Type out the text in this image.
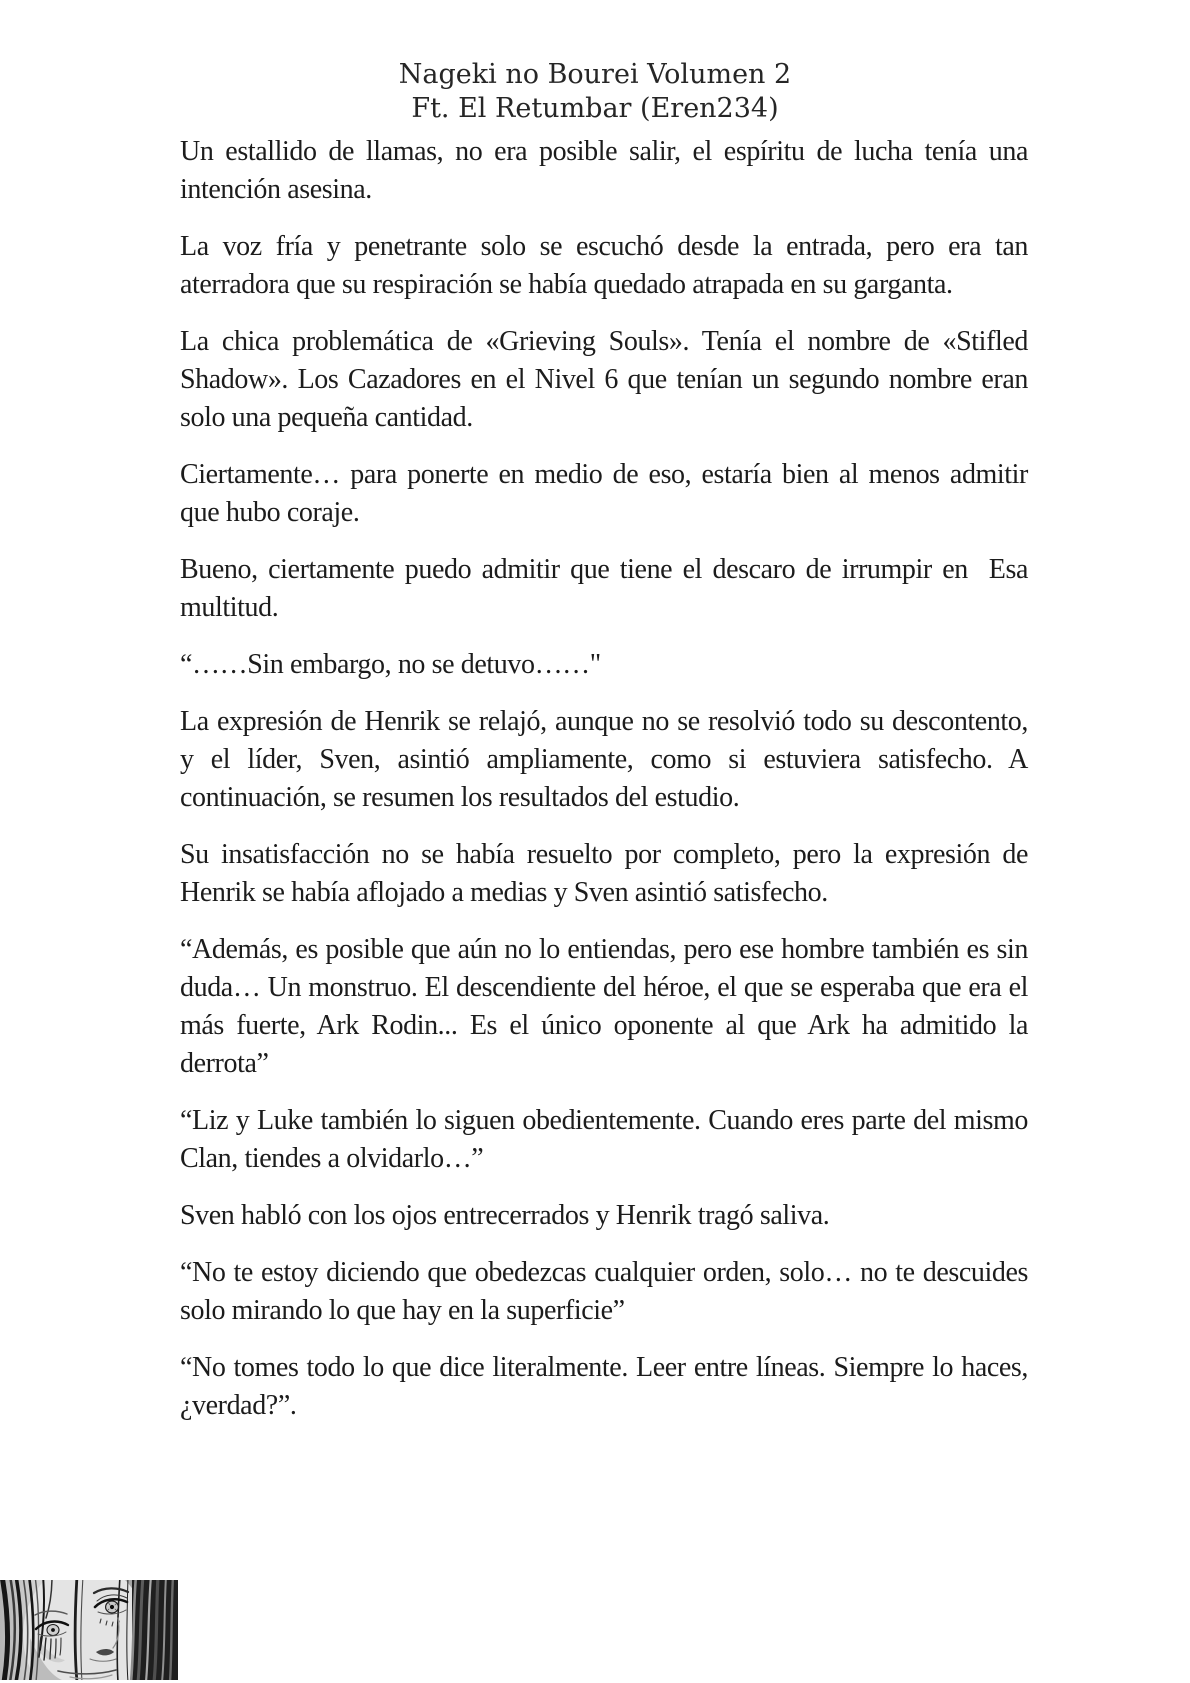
Nageki no Bourei Volumen 2
Ft. El Retumbar (Eren234)

Un estallido de llamas, no era posible salir, el espíritu de lucha tenía una intención asesina.

La voz fría y penetrante solo se escuchó desde la entrada, pero era tan aterradora que su respiración se había quedado atrapada en su garganta.

La chica problemática de «Grieving Souls». Tenía el nombre de «Stifled Shadow». Los Cazadores en el Nivel 6 que tenían un segundo nombre eran solo una pequeña cantidad.

Ciertamente… para ponerte en medio de eso, estaría bien al menos admitir que hubo coraje.

Bueno, ciertamente puedo admitir que tiene el descaro de irrumpir en  Esa multitud.

“……Sin embargo, no se detuvo……"

La expresión de Henrik se relajó, aunque no se resolvió todo su descontento, y el líder, Sven, asintió ampliamente, como si estuviera satisfecho. A continuación, se resumen los resultados del estudio.

Su insatisfacción no se había resuelto por completo, pero la expresión de Henrik se había aflojado a medias y Sven asintió satisfecho.

“Además, es posible que aún no lo entiendas, pero ese hombre también es sin duda… Un monstruo. El descendiente del héroe, el que se esperaba que era el más fuerte, Ark Rodin... Es el único oponente al que Ark ha admitido la derrota”

“Liz y Luke también lo siguen obedientemente. Cuando eres parte del mismo Clan, tiendes a olvidarlo…”

Sven habló con los ojos entrecerrados y Henrik tragó saliva.

“No te estoy diciendo que obedezcas cualquier orden, solo… no te descuides solo mirando lo que hay en la superficie”

“No tomes todo lo que dice literalmente. Leer entre líneas. Siempre lo haces, ¿verdad?”.
